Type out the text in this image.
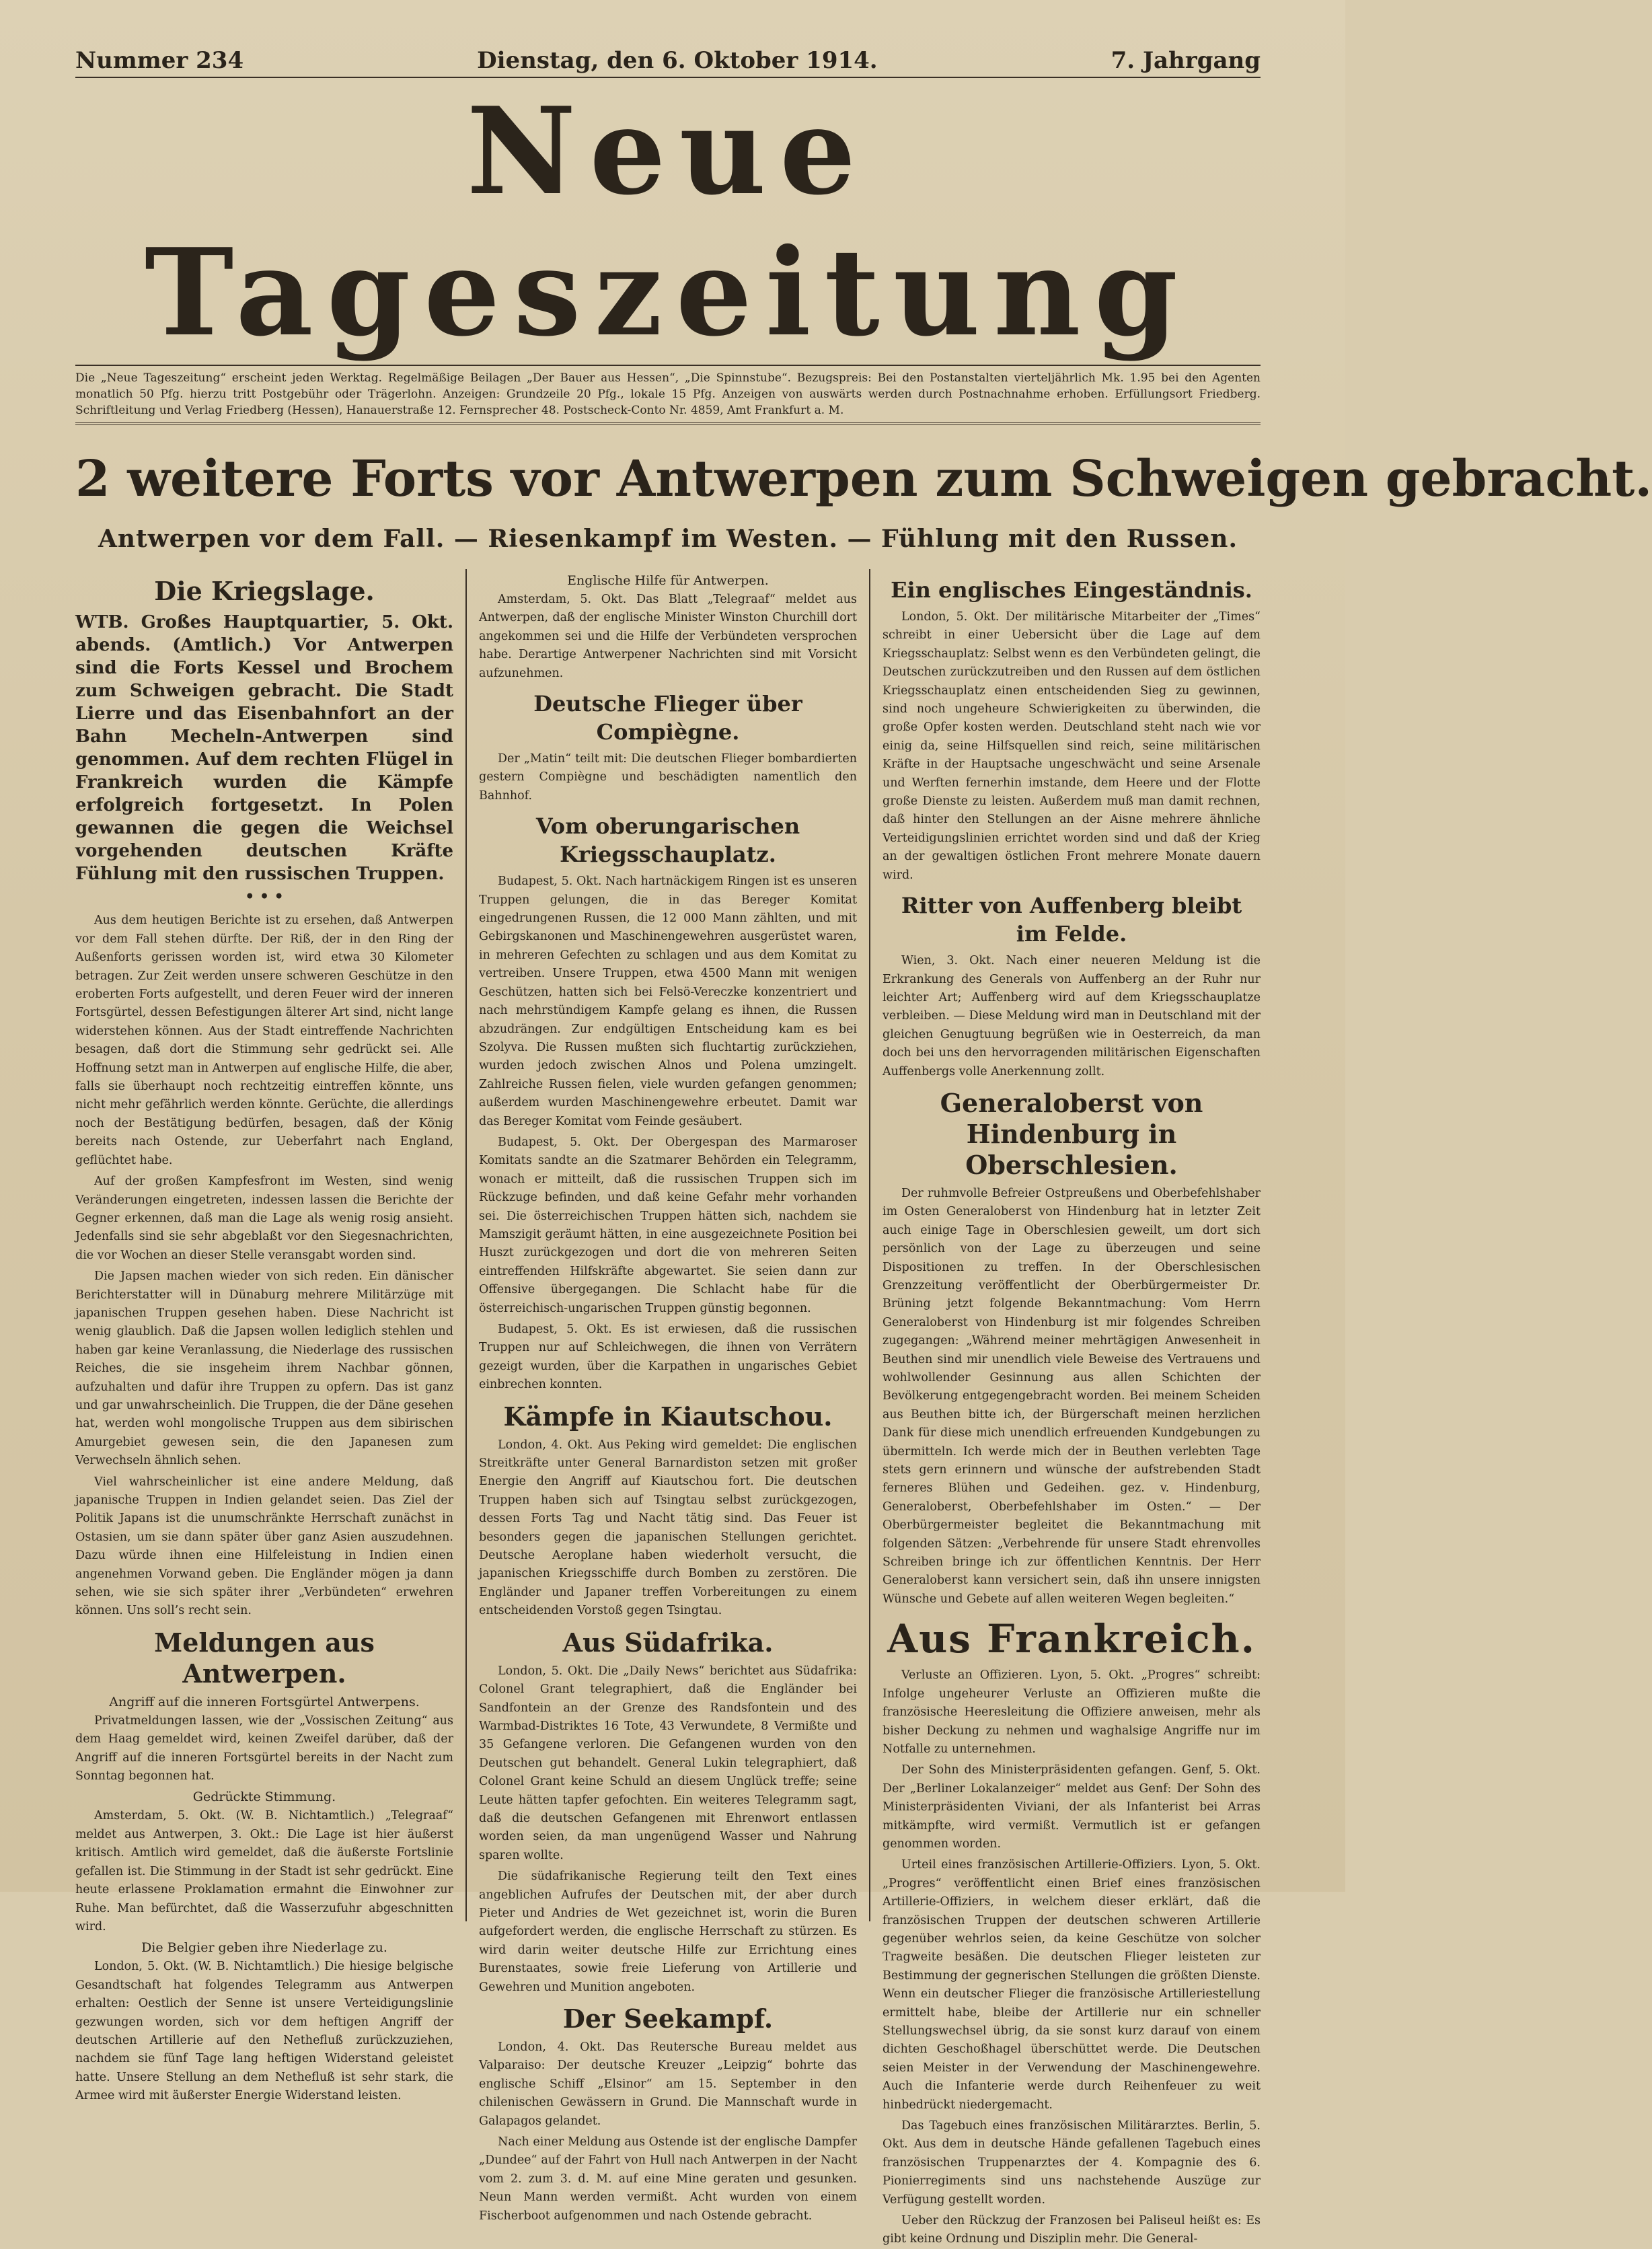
Nummer 234	Dienstag, den 6. Oktober 1914.	7. Jahrgang
Neue Tageszeitung
Die „Neue Tageszeitung“ erscheint jeden Werktag. Regelmäßige Beilagen „Der Bauer aus Hessen“, „Die Spinnstube“. Bezugspreis: Bei den Postanstalten vierteljährlich Mk. 1.95 bei den Agenten monatlich 50 Pfg. hierzu tritt Postgebühr oder Trägerlohn. Anzeigen: Grundzeile 20 Pfg., lokale 15 Pfg. Anzeigen von auswärts werden durch Postnachnahme erhoben. Erfüllungsort Friedberg. Schriftleitung und Verlag Friedberg (Hessen), Hanauerstraße 12. Fernsprecher 48. Postscheck-Conto Nr. 4859, Amt Frankfurt a. M.
2 weitere Forts vor Antwerpen zum Schweigen gebracht.
Antwerpen vor dem Fall. — Riesenkampf im Westen. — Fühlung mit den Russen.
Die Kriegslage.

WTB. Großes Hauptquartier, 5. Okt. abends. (Amtlich.) Vor Antwerpen sind die Forts Kessel und Brochem zum Schweigen gebracht. Die Stadt Lierre und das Eisenbahnfort an der Bahn Mecheln-Antwerpen sind genommen. Auf dem rechten Flügel in Frankreich wurden die Kämpfe erfolgreich fortgesetzt. In Polen gewannen die gegen die Weichsel vorgehenden deutschen Kräfte Fühlung mit den russischen Truppen.

• • •

Aus dem heutigen Berichte ist zu ersehen, daß Antwerpen vor dem Fall stehen dürfte. Der Riß, der in den Ring der Außenforts gerissen worden ist, wird etwa 30 Kilometer betragen. Zur Zeit werden unsere schweren Geschütze in den eroberten Forts aufgestellt, und deren Feuer wird der inneren Fortsgürtel, dessen Befestigungen älterer Art sind, nicht lange widerstehen können. Aus der Stadt eintreffende Nachrichten besagen, daß dort die Stimmung sehr gedrückt sei. Alle Hoffnung setzt man in Antwerpen auf englische Hilfe, die aber, falls sie überhaupt noch rechtzeitig eintreffen könnte, uns nicht mehr gefährlich werden könnte. Gerüchte, die allerdings noch der Bestätigung bedürfen, besagen, daß der König bereits nach Ostende, zur Ueberfahrt nach England, geflüchtet habe.

Auf der großen Kampfesfront im Westen, sind wenig Veränderungen eingetreten, indessen lassen die Berichte der Gegner erkennen, daß man die Lage als wenig rosig ansieht. Jedenfalls sind sie sehr abgeblaßt vor den Siegesnachrichten, die vor Wochen an dieser Stelle veransgabt worden sind.

Die Japsen machen wieder von sich reden. Ein dänischer Berichterstatter will in Dünaburg mehrere Militärzüge mit japanischen Truppen gesehen haben. Diese Nachricht ist wenig glaublich. Daß die Japsen wollen lediglich stehlen und haben gar keine Veranlassung, die Niederlage des russischen Reiches, die sie insgeheim ihrem Nachbar gönnen, aufzuhalten und dafür ihre Truppen zu opfern. Das ist ganz und gar unwahrscheinlich. Die Truppen, die der Däne gesehen hat, werden wohl mongolische Truppen aus dem sibirischen Amurgebiet gewesen sein, die den Japanesen zum Verwechseln ähnlich sehen.

Viel wahrscheinlicher ist eine andere Meldung, daß japanische Truppen in Indien gelandet seien. Das Ziel der Politik Japans ist die unumschränkte Herrschaft zunächst in Ostasien, um sie dann später über ganz Asien auszudehnen. Dazu würde ihnen eine Hilfeleistung in Indien einen angenehmen Vorwand geben. Die Engländer mögen ja dann sehen, wie sie sich später ihrer „Verbündeten“ erwehren können. Uns soll’s recht sein.

Meldungen aus Antwerpen.
Angriff auf die inneren Fortsgürtel Antwerpens.

Privatmeldungen lassen, wie der „Vossischen Zeitung“ aus dem Haag gemeldet wird, keinen Zweifel darüber, daß der Angriff auf die inneren Fortsgürtel bereits in der Nacht zum Sonntag begonnen hat.

Gedrückte Stimmung.

Amsterdam, 5. Okt. (W. B. Nichtamtlich.) „Telegraaf“ meldet aus Antwerpen, 3. Okt.: Die Lage ist hier äußerst kritisch. Amtlich wird gemeldet, daß die äußerste Fortslinie gefallen ist. Die Stimmung in der Stadt ist sehr gedrückt. Eine heute erlassene Proklamation ermahnt die Einwohner zur Ruhe. Man befürchtet, daß die Wasserzufuhr abgeschnitten wird.

Die Belgier geben ihre Niederlage zu.

London, 5. Okt. (W. B. Nichtamtlich.) Die hiesige belgische Gesandtschaft hat folgendes Telegramm aus Antwerpen erhalten: Oestlich der Senne ist unsere Verteidigungslinie gezwungen worden, sich vor dem heftigen Angriff der deutschen Artillerie auf den Nethefluß zurückzuziehen, nachdem sie fünf Tage lang heftigen Widerstand geleistet hatte. Unsere Stellung an dem Nethefluß ist sehr stark, die Armee wird mit äußerster Energie Widerstand leisten.

Englische Hilfe für Antwerpen.

Amsterdam, 5. Okt. Das Blatt „Telegraaf“ meldet aus Antwerpen, daß der englische Minister Winston Churchill dort angekommen sei und die Hilfe der Verbündeten versprochen habe. Derartige Antwerpener Nachrichten sind mit Vorsicht aufzunehmen.

Deutsche Flieger über Compiègne.

Der „Matin“ teilt mit: Die deutschen Flieger bombardierten gestern Compiègne und beschädigten namentlich den Bahnhof.

Vom oberungarischen Kriegsschauplatz.

Budapest, 5. Okt. Nach hartnäckigem Ringen ist es unseren Truppen gelungen, die in das Bereger Komitat eingedrungenen Russen, die 12 000 Mann zählten, und mit Gebirgskanonen und Maschinengewehren ausgerüstet waren, in mehreren Gefechten zu schlagen und aus dem Komitat zu vertreiben. Unsere Truppen, etwa 4500 Mann mit wenigen Geschützen, hatten sich bei Felsö-Vereczke konzentriert und nach mehrstündigem Kampfe gelang es ihnen, die Russen abzudrängen. Zur endgültigen Entscheidung kam es bei Szolyva. Die Russen mußten sich fluchtartig zurückziehen, wurden jedoch zwischen Alnos und Polena umzingelt. Zahlreiche Russen fielen, viele wurden gefangen genommen; außerdem wurden Maschinengewehre erbeutet. Damit war das Bereger Komitat vom Feinde gesäubert.

Budapest, 5. Okt. Der Obergespan des Marmaroser Komitats sandte an die Szatmarer Behörden ein Telegramm, wonach er mitteilt, daß die russischen Truppen sich im Rückzuge befinden, und daß keine Gefahr mehr vorhanden sei. Die österreichischen Truppen hätten sich, nachdem sie Mamszigit geräumt hätten, in eine ausgezeichnete Position bei Huszt zurückgezogen und dort die von mehreren Seiten eintreffenden Hilfskräfte abgewartet. Sie seien dann zur Offensive übergegangen. Die Schlacht habe für die österreichisch-ungarischen Truppen günstig begonnen.

Budapest, 5. Okt. Es ist erwiesen, daß die russischen Truppen nur auf Schleichwegen, die ihnen von Verrätern gezeigt wurden, über die Karpathen in ungarisches Gebiet einbrechen konnten.

Kämpfe in Kiautschou.

London, 4. Okt. Aus Peking wird gemeldet: Die englischen Streitkräfte unter General Barnardiston setzen mit großer Energie den Angriff auf Kiautschou fort. Die deutschen Truppen haben sich auf Tsingtau selbst zurückgezogen, dessen Forts Tag und Nacht tätig sind. Das Feuer ist besonders gegen die japanischen Stellungen gerichtet. Deutsche Aeroplane haben wiederholt versucht, die japanischen Kriegsschiffe durch Bomben zu zerstören. Die Engländer und Japaner treffen Vorbereitungen zu einem entscheidenden Vorstoß gegen Tsingtau.

Aus Südafrika.

London, 5. Okt. Die „Daily News“ berichtet aus Südafrika: Colonel Grant telegraphiert, daß die Engländer bei Sandfontein an der Grenze des Randsfontein und des Warmbad-Distriktes 16 Tote, 43 Verwundete, 8 Vermißte und 35 Gefangene verloren. Die Gefangenen wurden von den Deutschen gut behandelt. General Lukin telegraphiert, daß Colonel Grant keine Schuld an diesem Unglück treffe; seine Leute hätten tapfer gefochten. Ein weiteres Telegramm sagt, daß die deutschen Gefangenen mit Ehrenwort entlassen worden seien, da man ungenügend Wasser und Nahrung sparen wollte.

Die südafrikanische Regierung teilt den Text eines angeblichen Aufrufes der Deutschen mit, der aber durch Pieter und Andries de Wet gezeichnet ist, worin die Buren aufgefordert werden, die englische Herrschaft zu stürzen. Es wird darin weiter deutsche Hilfe zur Errichtung eines Burenstaates, sowie freie Lieferung von Artillerie und Gewehren und Munition angeboten.

Der Seekampf.

London, 4. Okt. Das Reutersche Bureau meldet aus Valparaiso: Der deutsche Kreuzer „Leipzig“ bohrte das englische Schiff „Elsinor“ am 15. September in den chilenischen Gewässern in Grund. Die Mannschaft wurde in Galapagos gelandet.

Nach einer Meldung aus Ostende ist der englische Dampfer „Dundee“ auf der Fahrt von Hull nach Antwerpen in der Nacht vom 2. zum 3. d. M. auf eine Mine geraten und gesunken. Neun Mann werden vermißt. Acht wurden von einem Fischerboot aufgenommen und nach Ostende gebracht.

Ein englisches Eingeständnis.

London, 5. Okt. Der militärische Mitarbeiter der „Times“ schreibt in einer Uebersicht über die Lage auf dem Kriegsschauplatz: Selbst wenn es den Verbündeten gelingt, die Deutschen zurückzutreiben und den Russen auf dem östlichen Kriegsschauplatz einen entscheidenden Sieg zu gewinnen, sind noch ungeheure Schwierigkeiten zu überwinden, die große Opfer kosten werden. Deutschland steht nach wie vor einig da, seine Hilfsquellen sind reich, seine militärischen Kräfte in der Hauptsache ungeschwächt und seine Arsenale und Werften fernerhin imstande, dem Heere und der Flotte große Dienste zu leisten. Außerdem muß man damit rechnen, daß hinter den Stellungen an der Aisne mehrere ähnliche Verteidigungslinien errichtet worden sind und daß der Krieg an der gewaltigen östlichen Front mehrere Monate dauern wird.

Ritter von Auffenberg bleibt im Felde.

Wien, 3. Okt. Nach einer neueren Meldung ist die Erkrankung des Generals von Auffenberg an der Ruhr nur leichter Art; Auffenberg wird auf dem Kriegsschauplatze verbleiben. — Diese Meldung wird man in Deutschland mit der gleichen Genugtuung begrüßen wie in Oesterreich, da man doch bei uns den hervorragenden militärischen Eigenschaften Auffenbergs volle Anerkennung zollt.

Generaloberst von Hindenburg in Oberschlesien.

Der ruhmvolle Befreier Ostpreußens und Oberbefehlshaber im Osten Generaloberst von Hindenburg hat in letzter Zeit auch einige Tage in Oberschlesien geweilt, um dort sich persönlich von der Lage zu überzeugen und seine Dispositionen zu treffen. In der Oberschlesischen Grenzzeitung veröffentlicht der Oberbürgermeister Dr. Brüning jetzt folgende Bekanntmachung: Vom Herrn Generaloberst von Hindenburg ist mir folgendes Schreiben zugegangen: „Während meiner mehrtägigen Anwesenheit in Beuthen sind mir unendlich viele Beweise des Vertrauens und wohlwollender Gesinnung aus allen Schichten der Bevölkerung entgegengebracht worden. Bei meinem Scheiden aus Beuthen bitte ich, der Bürgerschaft meinen herzlichen Dank für diese mich unendlich erfreuenden Kundgebungen zu übermitteln. Ich werde mich der in Beuthen verlebten Tage stets gern erinnern und wünsche der aufstrebenden Stadt ferneres Blühen und Gedeihen. gez. v. Hindenburg, Generaloberst, Oberbefehlshaber im Osten.“ — Der Oberbürgermeister begleitet die Bekanntmachung mit folgenden Sätzen: „Verbehrende für unsere Stadt ehrenvolles Schreiben bringe ich zur öffentlichen Kenntnis. Der Herr Generaloberst kann versichert sein, daß ihn unsere innigsten Wünsche und Gebete auf allen weiteren Wegen begleiten.“

Aus Frankreich.

Verluste an Offizieren. Lyon, 5. Okt. „Progres“ schreibt: Infolge ungeheurer Verluste an Offizieren mußte die französische Heeresleitung die Offiziere anweisen, mehr als bisher Deckung zu nehmen und waghalsige Angriffe nur im Notfalle zu unternehmen.

Der Sohn des Ministerpräsidenten gefangen. Genf, 5. Okt. Der „Berliner Lokalanzeiger“ meldet aus Genf: Der Sohn des Ministerpräsidenten Viviani, der als Infanterist bei Arras mitkämpfte, wird vermißt. Vermutlich ist er gefangen genommen worden.

Urteil eines französischen Artillerie-Offiziers. Lyon, 5. Okt. „Progres“ veröffentlicht einen Brief eines französischen Artillerie-Offiziers, in welchem dieser erklärt, daß die französischen Truppen der deutschen schweren Artillerie gegenüber wehrlos seien, da keine Geschütze von solcher Tragweite besäßen. Die deutschen Flieger leisteten zur Bestimmung der gegnerischen Stellungen die größten Dienste. Wenn ein deutscher Flieger die französische Artilleriestellung ermittelt habe, bleibe der Artillerie nur ein schneller Stellungswechsel übrig, da sie sonst kurz darauf von einem dichten Geschoßhagel überschüttet werde. Die Deutschen seien Meister in der Verwendung der Maschinengewehre. Auch die Infanterie werde durch Reihenfeuer zu weit hinbedrückt niedergemacht.

Das Tagebuch eines französischen Militärarztes. Berlin, 5. Okt. Aus dem in deutsche Hände gefallenen Tagebuch eines französischen Truppenarztes der 4. Kompagnie des 6. Pionierregiments sind uns nachstehende Auszüge zur Verfügung gestellt worden.

Ueber den Rückzug der Franzosen bei Paliseul heißt es: Es gibt keine Ordnung und Disziplin mehr. Die General-
